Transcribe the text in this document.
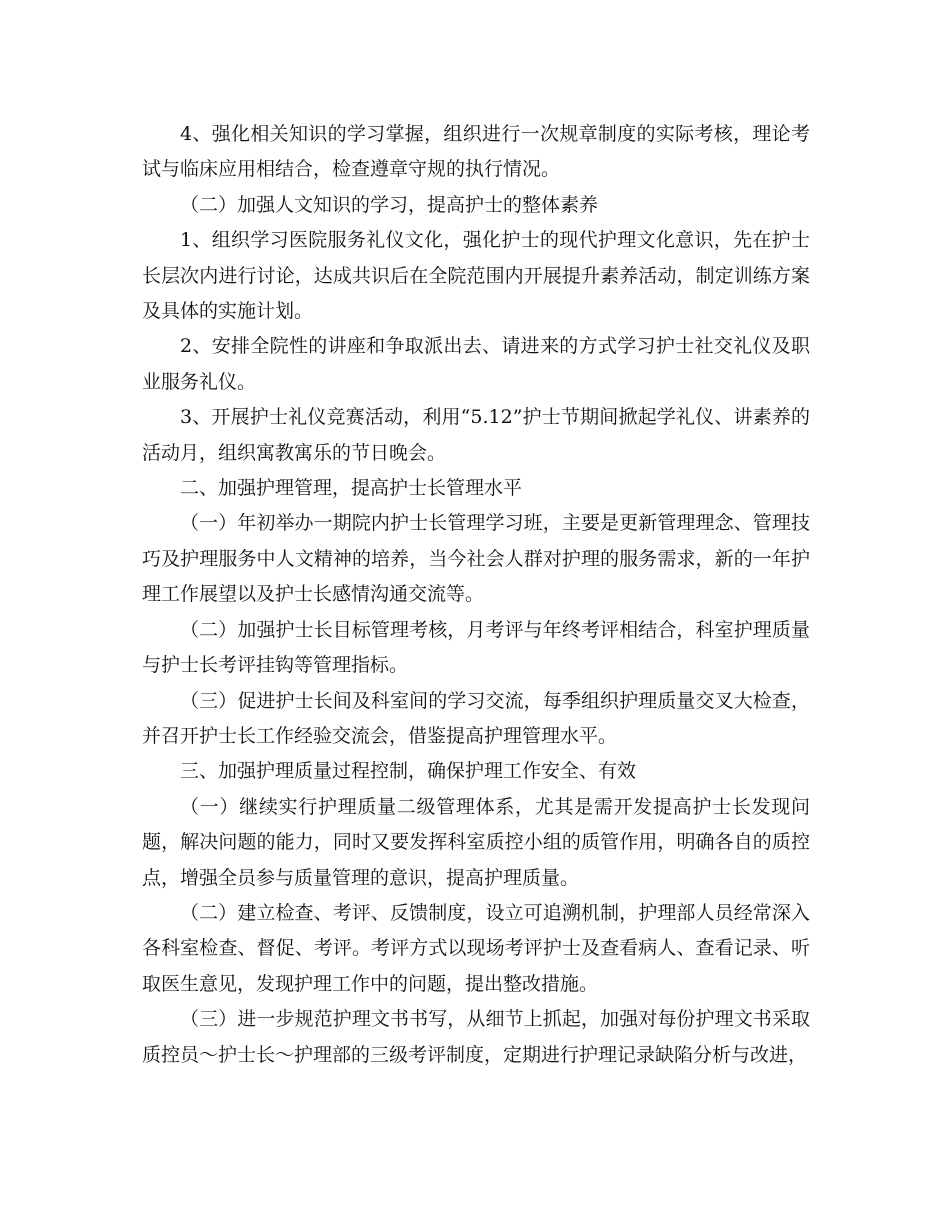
4、强化相关知识的学习掌握，组织进行一次规章制度的实际考核，理论考试与临床应用相结合，检查遵章守规的执行情况。

（二）加强人文知识的学习，提高护士的整体素养

1、组织学习医院服务礼仪文化，强化护士的现代护理文化意识，先在护士长层次内进行讨论，达成共识后在全院范围内开展提升素养活动，制定训练方案及具体的实施计划。

2、安排全院性的讲座和争取派出去、请进来的方式学习护士社交礼仪及职业服务礼仪。

3、开展护士礼仪竞赛活动，利用“5.12”护士节期间掀起学礼仪、讲素养的活动月，组织寓教寓乐的节日晚会。

二、加强护理管理，提高护士长管理水平

（一）年初举办一期院内护士长管理学习班，主要是更新管理理念、管理技巧及护理服务中人文精神的培养，当今社会人群对护理的服务需求，新的一年护理工作展望以及护士长感情沟通交流等。

（二）加强护士长目标管理考核，月考评与年终考评相结合，科室护理质量与护士长考评挂钩等管理指标。

（三）促进护士长间及科室间的学习交流，每季组织护理质量交叉大检查，并召开护士长工作经验交流会，借鉴提高护理管理水平。

三、加强护理质量过程控制，确保护理工作安全、有效

（一）继续实行护理质量二级管理体系，尤其是需开发提高护士长发现问题，解决问题的能力，同时又要发挥科室质控小组的质管作用，明确各自的质控点，增强全员参与质量管理的意识，提高护理质量。

（二）建立检查、考评、反馈制度，设立可追溯机制，护理部人员经常深入各科室检查、督促、考评。考评方式以现场考评护士及查看病人、查看记录、听取医生意见，发现护理工作中的问题，提出整改措施。

（三）进一步规范护理文书书写，从细节上抓起，加强对每份护理文书采取质控员～护士长～护理部的三级考评制度，定期进行护理记录缺陷分析与改进，
